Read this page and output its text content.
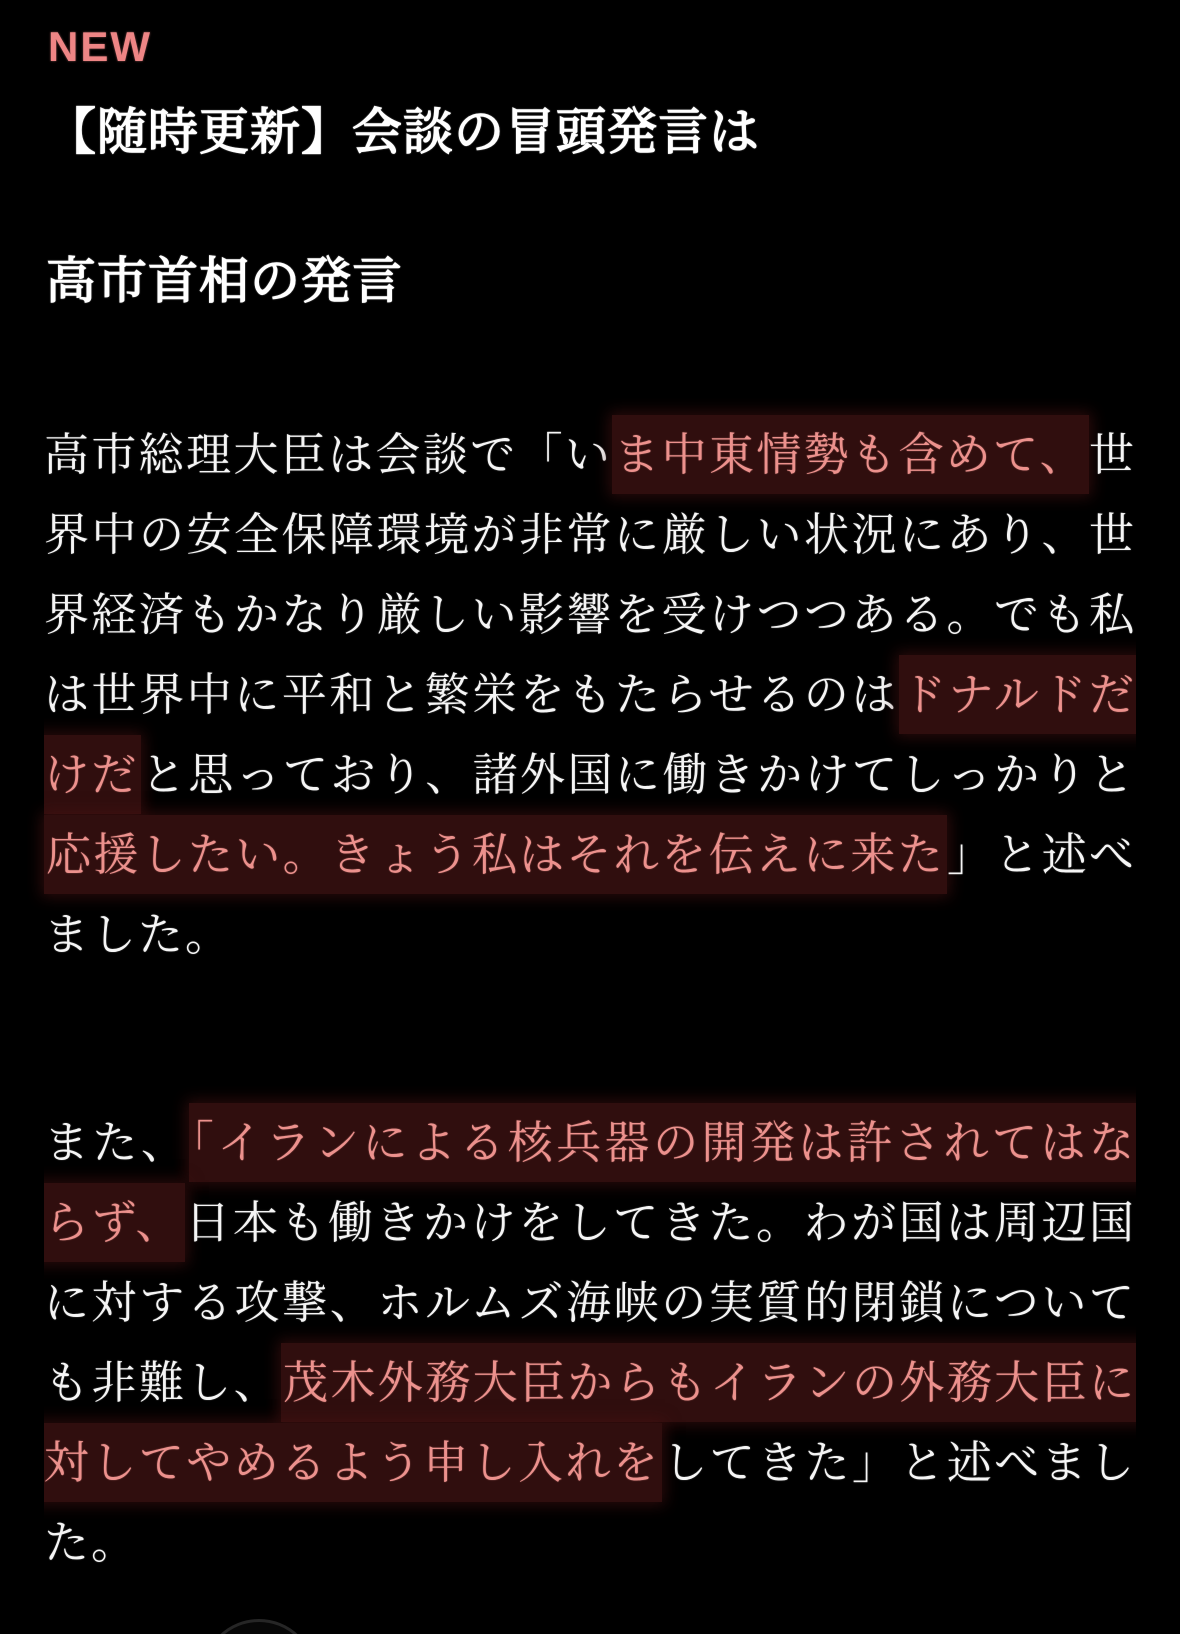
NEW
【随時更新】会談の冒頭発言は
高市首相の発言

高市総理大臣は会談で「いま中東情勢も含めて、世界中の安全保障環境が非常に厳しい状況にあり、世界経済もかなり厳しい影響を受けつつある。でも私は世界中に平和と繁栄をもたらせるのはドナルドだけだと思っており、諸外国に働きかけてしっかりと応援したい。きょう私はそれを伝えに来た」と述べました。

また、「イランによる核兵器の開発は許されてはならず、日本も働きかけをしてきた。わが国は周辺国に対する攻撃、ホルムズ海峡の実質的閉鎖についても非難し、茂木外務大臣からもイランの外務大臣に対してやめるよう申し入れをしてきた」と述べました。
